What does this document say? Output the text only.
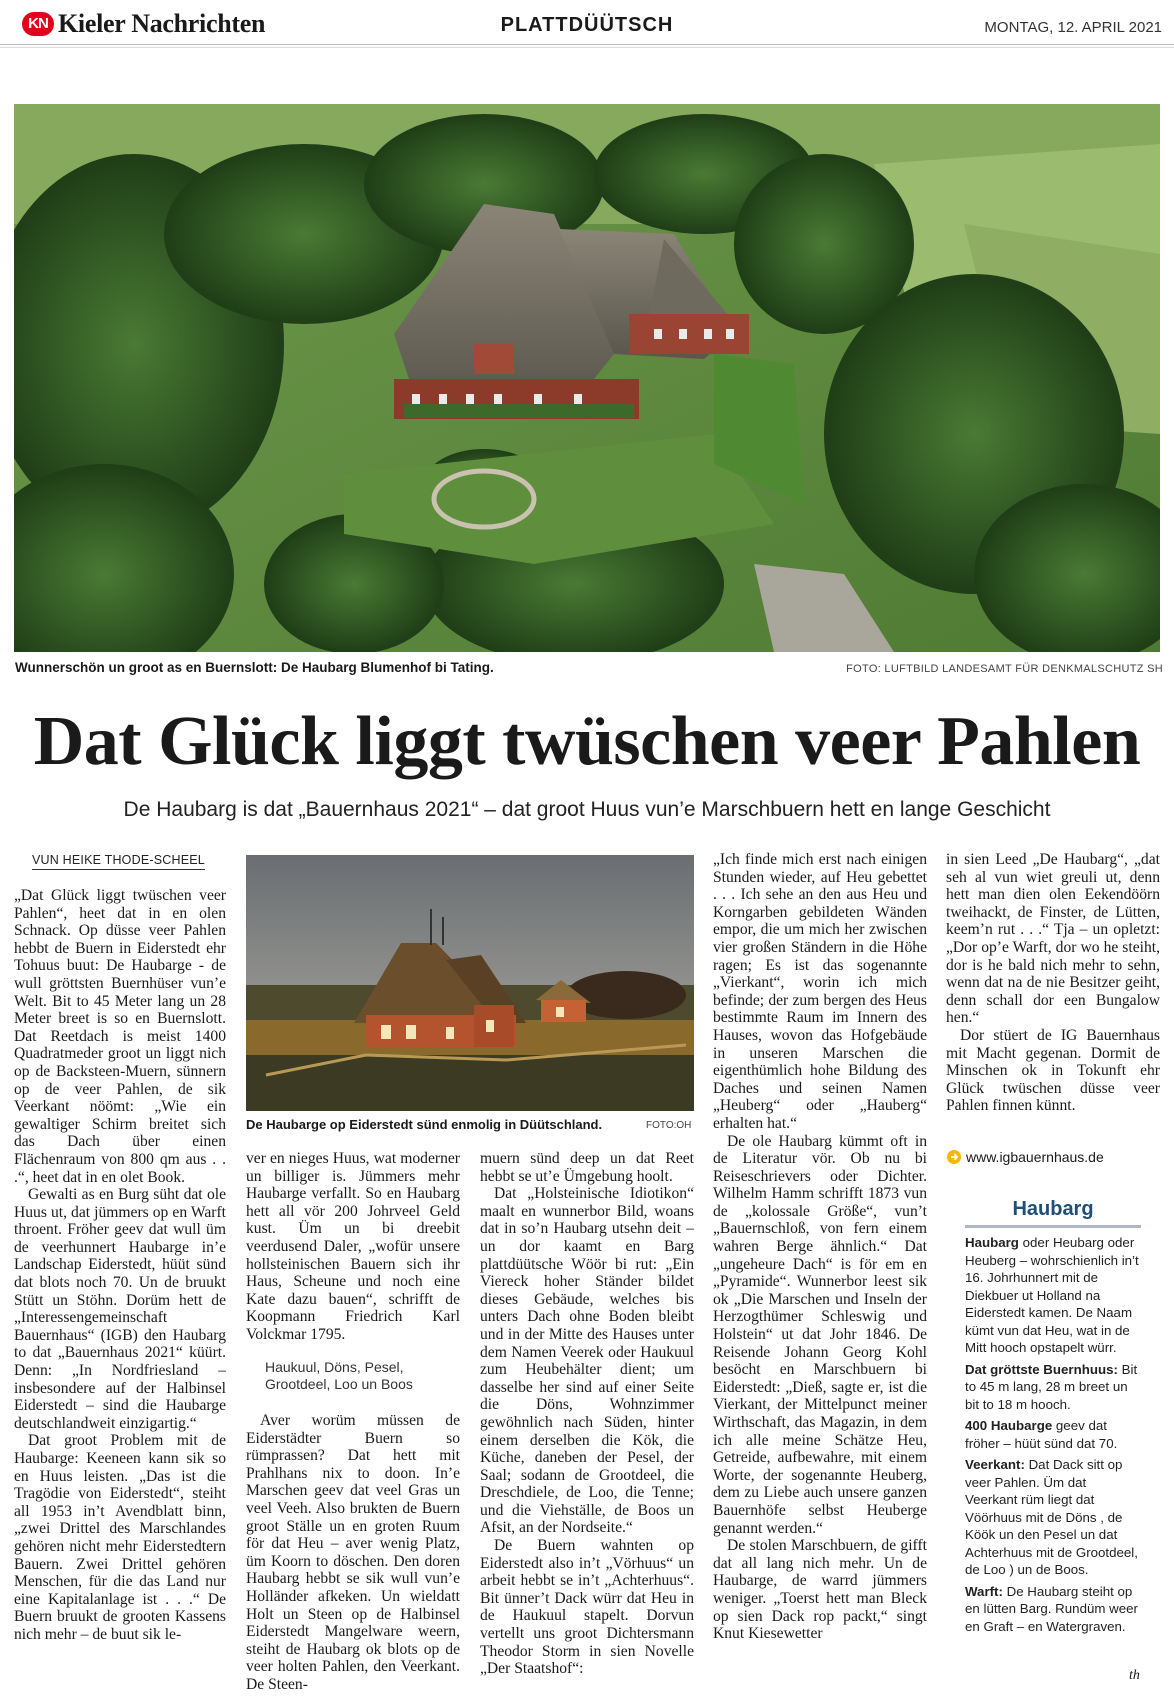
KN Kieler Nachrichten	PLATTDÜÜTSCH	MONTAG, 12. APRIL 2021
Wunnerschön un groot as en Buernslott: De Haubarg Blumenhof bi Tating.	FOTO: LUFTBILD LANDESAMT FÜR DENKMALSCHUTZ SH
Dat Glück liggt twüschen veer Pahlen
De Haubarg is dat „Bauernhaus 2021“ – dat groot Huus vun’e Marschbuern hett en lange Geschicht
VUN HEIKE THODE-SCHEEL

„Dat Glück liggt twüschen veer Pahlen“, heet dat in en olen Schnack. Op düsse veer Pahlen hebbt de Buern in Eiderstedt ehr Tohuus buut: De Haubarge - de wull gröttsten Buernhüser vun’e Welt. Bit to 45 Meter lang un 28 Meter breet is so en Buernslott. Dat Reetdach is meist 1400 Quadratmeder groot un liggt nich op de Backsteen-Muern, sünnern op de veer Pahlen, de sik Veerkant nöömt: „Wie ein gewaltiger Schirm breitet sich das Dach über einen Flächenraum von 800 qm aus . . .“, heet dat in en olet Book.

Gewalti as en Burg süht dat ole Huus ut, dat jümmers op en Warft throent. Fröher geev dat wull üm de veerhunnert Haubarge in’e Landschap Eiderstedt, hüüt sünd dat blots noch 70. Un de bruukt Stütt un Stöhn. Dorüm hett de „Interessengemeinschaft Bauernhaus“ (IGB) den Haubarg to dat „Bauernhaus 2021“ küürt. Denn: „In Nordfriesland – insbesondere auf der Halbinsel Eiderstedt – sind die Haubarge deutschlandweit einzigartig.“

Dat groot Problem mit de Haubarge: Keeneen kann sik so en Huus leisten. „Das ist die Tragödie von Eiderstedt“, steiht all 1953 in’t Avendblatt binn, „zwei Drittel des Marschlandes gehören nicht mehr Eiderstedtern Bauern. Zwei Drittel gehören Menschen, für die das Land nur eine Kapitalanlage ist . . .“ De Buern bruukt de grooten Kassens nich mehr – de buut sik le-

De Haubarge op Eiderstedt sünd enmolig in Düütschland.	FOTO:OH

ver en nieges Huus, wat moderner un billiger is. Jümmers mehr Haubarge verfallt. So en Haubarg hett all vör 200 Johrveel Geld kust. Üm un bi dreebit veerdusend Daler, „wofür unsere hollsteinischen Bauern sich ihr Haus, Scheune und noch eine Kate dazu bauen“, schrifft de Koopmann Friedrich Karl Volckmar 1795.

Haukuul, Döns, Pesel, Grootdeel, Loo un Boos

Aver worüm müssen de Eiderstädter Buern so rümprassen? Dat hett mit Prahlhans nix to doon. In’e Marschen geev dat veel Gras un veel Veeh. Also brukten de Buern groot Ställe un en groten Ruum för dat Heu – aver wenig Platz, üm Koorn to döschen. Den doren Haubarg hebbt se sik wull vun’e Holländer afkeken. Un wieldatt Holt un Steen op de Halbinsel Eiderstedt Mangelware weern, steiht de Haubarg ok blots op de veer holten Pahlen, den Veerkant. De Steen-

muern sünd deep un dat Reet hebbt se ut’e Ümgebung hoolt.

Dat „Holsteinische Idiotikon“ maalt en wunnerbor Bild, woans dat in so’n Haubarg utsehn deit – un dor kaamt en Barg plattdüütsche Wöör bi rut: „Ein Viereck hoher Ständer bildet dieses Gebäude, welches bis unters Dach ohne Boden bleibt und in der Mitte des Hauses unter dem Namen Veerek oder Haukuul zum Heubehälter dient; um dasselbe her sind auf einer Seite die Döns, Wohnzimmer gewöhnlich nach Süden, hinter einem derselben die Kök, die Küche, daneben der Pesel, der Saal; sodann de Grootdeel, die Dreschdiele, de Loo, die Tenne; und die Viehställe, de Boos un Afsit, an der Nordseite.“

De Buern wahnten op Eiderstedt also in’t „Vörhuus“ un arbeit hebbt se in’t „Achterhuus“. Bit ünner’t Dack würr dat Heu in de Haukuul stapelt. Dorvun vertellt uns groot Dichtersmann Theodor Storm in sien Novelle „Der Staatshof“:

„Ich finde mich erst nach einigen Stunden wieder, auf Heu gebettet . . . Ich sehe an den aus Heu und Korngarben gebildeten Wänden empor, die um mich her zwischen vier großen Ständern in die Höhe ragen; Es ist das sogenannte „Vierkant“, worin ich mich befinde; der zum bergen des Heus bestimmte Raum im Innern des Hauses, wovon das Hofgebäude in unseren Marschen die eigenthümlich hohe Bildung des Daches und seinen Namen „Heuberg“ oder „Hauberg“ erhalten hat.“

De ole Haubarg kümmt oft in de Literatur vör. Ob nu bi Reiseschrievers oder Dichter. Wilhelm Hamm schrifft 1873 vun de „kolossale Größe“, vun’t „Bauernschloß, von fern einem wahren Berge ähnlich.“ Dat „ungeheure Dach“ is för em en „Pyramide“. Wunnerbor leest sik ok „Die Marschen und Inseln der Herzogthümer Schleswig und Holstein“ ut dat Johr 1846. De Reisende Johann Georg Kohl besöcht en Marschbuern bi Eiderstedt: „Dieß, sagte er, ist die Vierkant, der Mittelpunct meiner Wirthschaft, das Magazin, in dem ich alle meine Schätze Heu, Getreide, aufbewahre, mit einem Worte, der sogenannte Heuberg, dem zu Liebe auch unsere ganzen Bauernhöfe selbst Heuberge genannt werden.“

De stolen Marschbuern, de gifft dat all lang nich mehr. Un de Haubarge, de warrd jümmers weniger. „Toerst hett man Bleck op sien Dack rop packt,“ singt Knut Kiesewetter

in sien Leed „De Haubarg“, „dat seh al vun wiet greuli ut, denn hett man dien olen Eekendöörn tweihackt, de Finster, de Lütten, keem’n rut . . .“ Tja – un opletzt: „Dor op’e Warft, dor wo he steiht, dor is he bald nich mehr to sehn, wenn dat na de nie Besitzer geiht, denn schall dor een Bungalow hen.“

Dor stüert de IG Bauernhaus mit Macht gegenan. Dormit de Minschen ok in Tokunft ehr Glück twüschen düsse veer Pahlen finnen künnt.

www.igbauernhaus.de
Haubarg

Haubarg oder Heubarg oder Heuberg – wohrschienlich in’t 16. Johrhunnert mit de Diekbuer ut Holland na Eiderstedt kamen. De Naam kümt vun dat Heu, wat in de Mitt hooch opstapelt würr.

Dat gröttste Buernhuus: Bit to 45 m lang, 28 m breet un bit to 18 m hooch.

400 Haubarge geev dat fröher – hüüt sünd dat 70.

Veerkant: Dat Dack sitt op veer Pahlen. Üm dat Veerkant rüm liegt dat Vöörhuus mit de Döns , de Köök un den Pesel un dat Achterhuus mit de Grootdeel, de Loo ) un de Boos.

Warft: De Haubarg steiht op en lütten Barg. Rundüm weer en Graft – en Watergraven.

th
